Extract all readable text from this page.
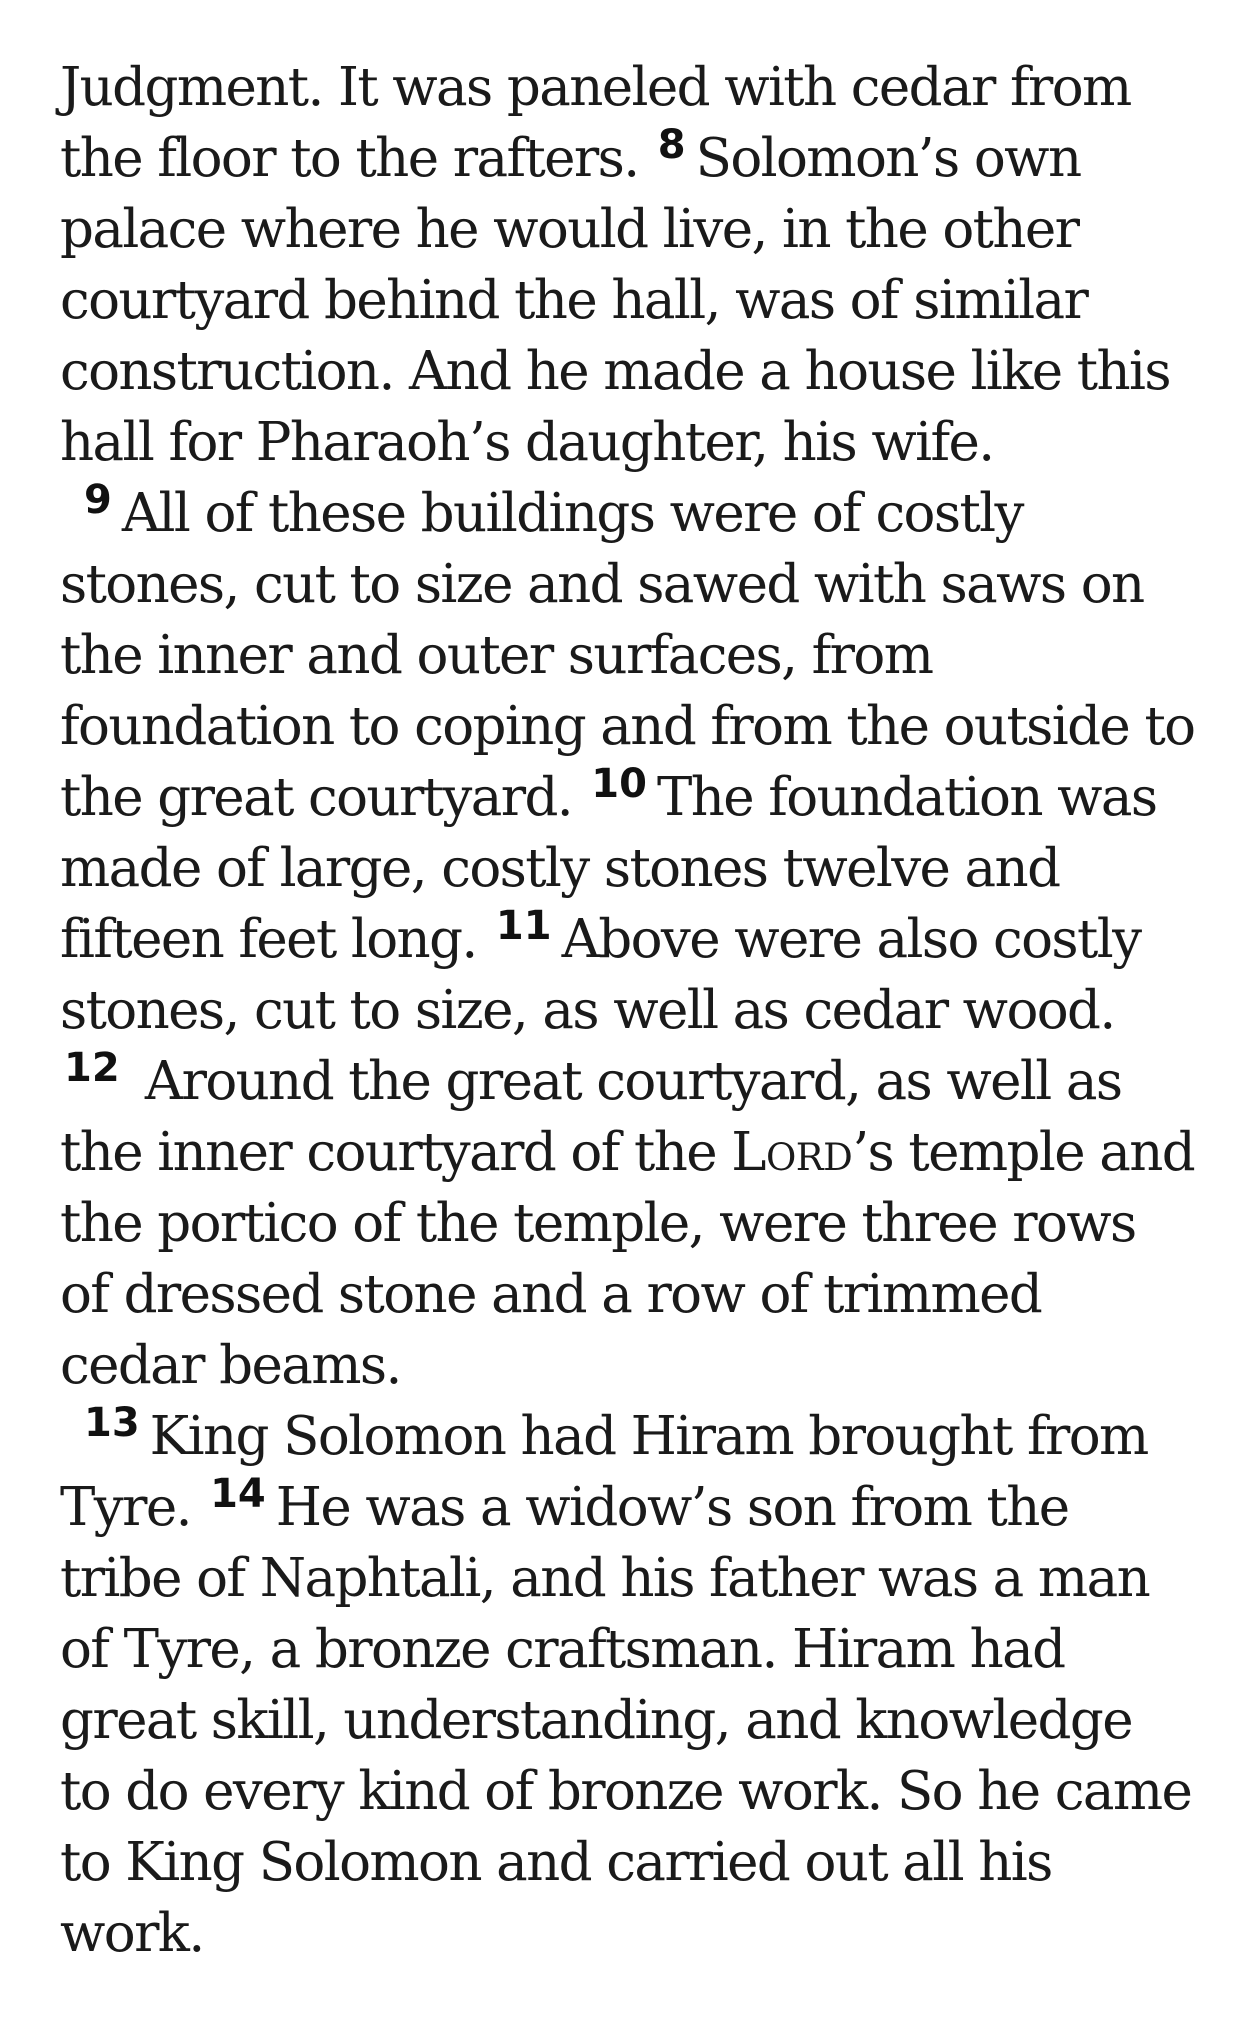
Judgment. It was paneled with cedar from the floor to the rafters. $^8$ Solomon’s own palace where he would live, in the other courtyard behind the hall, was of similar construction. And he made a house like this hall for Pharaoh’s daughter, his wife.

$^9$ All of these buildings were of costly stones, cut to size and sawed with saws on the inner and outer surfaces, from foundation to coping and from the outside to the great courtyard. $^{10}$ The foundation was made of large, costly stones twelve and fifteen feet long. $^{11}$ Above were also costly stones, cut to size, as well as cedar wood. $^{12}$ Around the great courtyard, as well as the inner courtyard of the Lord’s temple and the portico of the temple, were three rows of dressed stone and a row of trimmed cedar beams.

$^{13}$ King Solomon had Hiram brought from Tyre. $^{14}$ He was a widow’s son from the tribe of Naphtali, and his father was a man of Tyre, a bronze craftsman. Hiram had great skill, understanding, and knowledge to do every kind of bronze work. So he came to King Solomon and carried out all his work.
